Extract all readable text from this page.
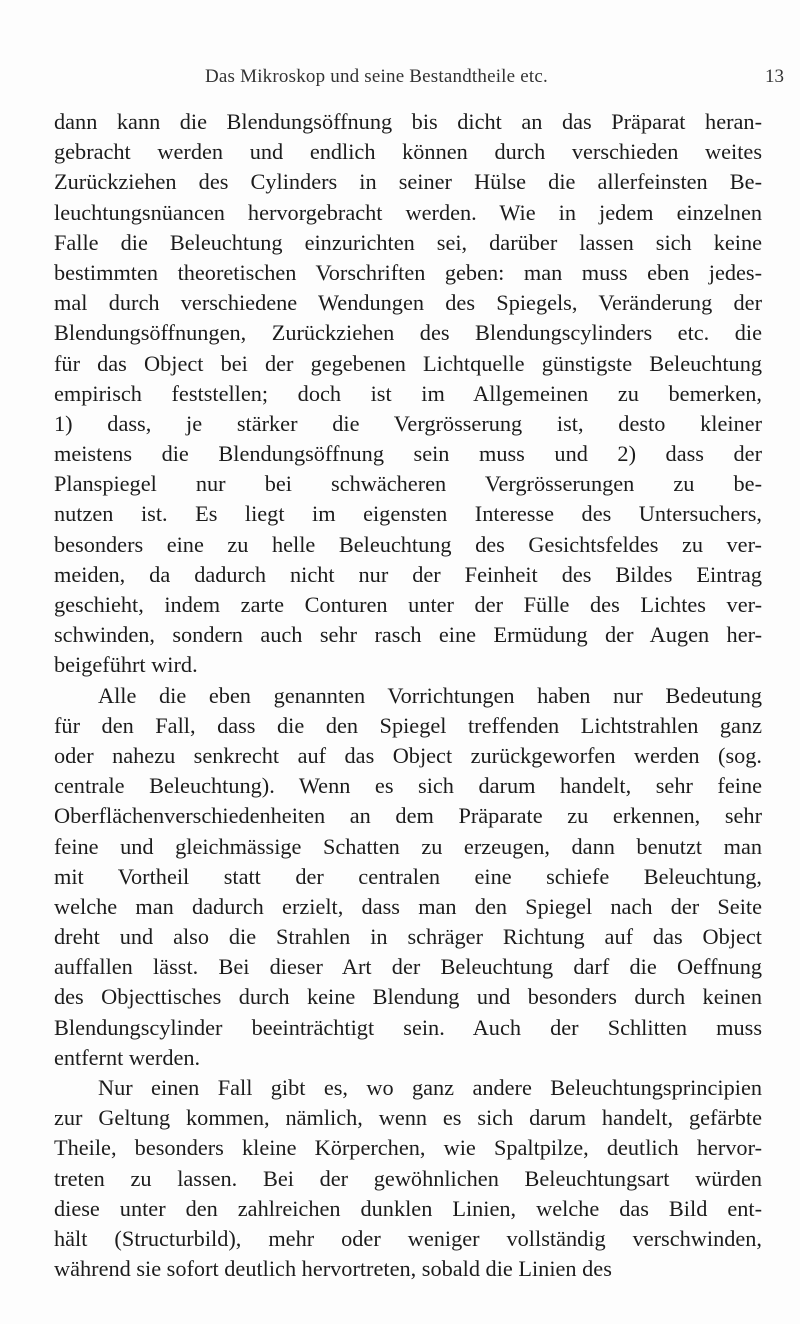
Das Mikroskop und seine Bestandtheile etc.	13
dann kann die Blendungsöffnung bis dicht an das Präparat heran-
gebracht werden und endlich können durch verschieden weites
Zurückziehen des Cylinders in seiner Hülse die allerfeinsten Be-
leuchtungsnüancen hervorgebracht werden. Wie in jedem einzelnen
Falle die Beleuchtung einzurichten sei, darüber lassen sich keine
bestimmten theoretischen Vorschriften geben: man muss eben jedes-
mal durch verschiedene Wendungen des Spiegels, Veränderung der
Blendungsöffnungen, Zurückziehen des Blendungscylinders etc. die
für das Object bei der gegebenen Lichtquelle günstigste Beleuchtung
empirisch feststellen; doch ist im Allgemeinen zu bemerken,
1) dass, je stärker die Vergrösserung ist, desto kleiner
meistens die Blendungsöffnung sein muss und 2) dass der
Planspiegel nur bei schwächeren Vergrösserungen zu be-
nutzen ist. Es liegt im eigensten Interesse des Untersuchers,
besonders eine zu helle Beleuchtung des Gesichtsfeldes zu ver-
meiden, da dadurch nicht nur der Feinheit des Bildes Eintrag
geschieht, indem zarte Conturen unter der Fülle des Lichtes ver-
schwinden, sondern auch sehr rasch eine Ermüdung der Augen her-
beigeführt wird.
Alle die eben genannten Vorrichtungen haben nur Bedeutung
für den Fall, dass die den Spiegel treffenden Lichtstrahlen ganz
oder nahezu senkrecht auf das Object zurückgeworfen werden (sog.
centrale Beleuchtung). Wenn es sich darum handelt, sehr feine
Oberflächenverschiedenheiten an dem Präparate zu erkennen, sehr
feine und gleichmässige Schatten zu erzeugen, dann benutzt man
mit Vortheil statt der centralen eine schiefe Beleuchtung,
welche man dadurch erzielt, dass man den Spiegel nach der Seite
dreht und also die Strahlen in schräger Richtung auf das Object
auffallen lässt. Bei dieser Art der Beleuchtung darf die Oeffnung
des Objecttisches durch keine Blendung und besonders durch keinen
Blendungscylinder beeinträchtigt sein. Auch der Schlitten muss
entfernt werden.
Nur einen Fall gibt es, wo ganz andere Beleuchtungsprincipien
zur Geltung kommen, nämlich, wenn es sich darum handelt, gefärbte
Theile, besonders kleine Körperchen, wie Spaltpilze, deutlich hervor-
treten zu lassen. Bei der gewöhnlichen Beleuchtungsart würden
diese unter den zahlreichen dunklen Linien, welche das Bild ent-
hält (Structurbild), mehr oder weniger vollständig verschwinden,
während sie sofort deutlich hervortreten, sobald die Linien des
